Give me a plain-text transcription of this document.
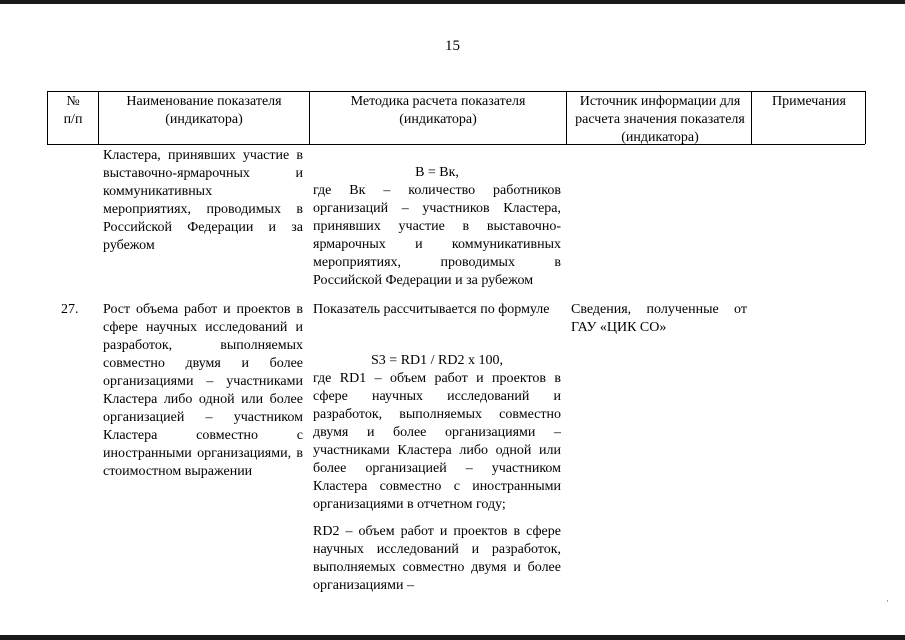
15
№
п/п
Наименование показателя (индикатора)
Методика расчета показателя (индикатора)
Источник информации для расчета значения показателя (индикатора)
Примечания
Кластера, принявших участие в выставочно-ярмарочных и коммуникативных мероприятиях, проводимых в Российской Федерации и за рубежом
В = Вк,
где Вк – количество работников организаций – участников Кластера, принявших участие в выставочно-ярмарочных и коммуникативных мероприятиях, проводимых в Российской Федерации и за рубежом
27.	Рост объема работ и проектов в сфере научных исследований и разработок, выполняемых совместно двумя и более организациями – участниками Кластера либо одной или более организацией – участником Кластера совместно с иностранными организациями, в стоимостном выражении
Показатель рассчитывается по формуле
S3 = RD1 / RD2 x 100,
где RD1 – объем работ и проектов в сфере научных исследований и разработок, выполняемых совместно двумя и более организациями – участниками Кластера либо одной или более организацией – участником Кластера совместно с иностранными организациями в отчетном году;
RD2 – объем работ и проектов в сфере научных исследований и разработок, выполняемых совместно двумя и более организациями –
Сведения, полученные от ГАУ «ЦИК СО»
·
